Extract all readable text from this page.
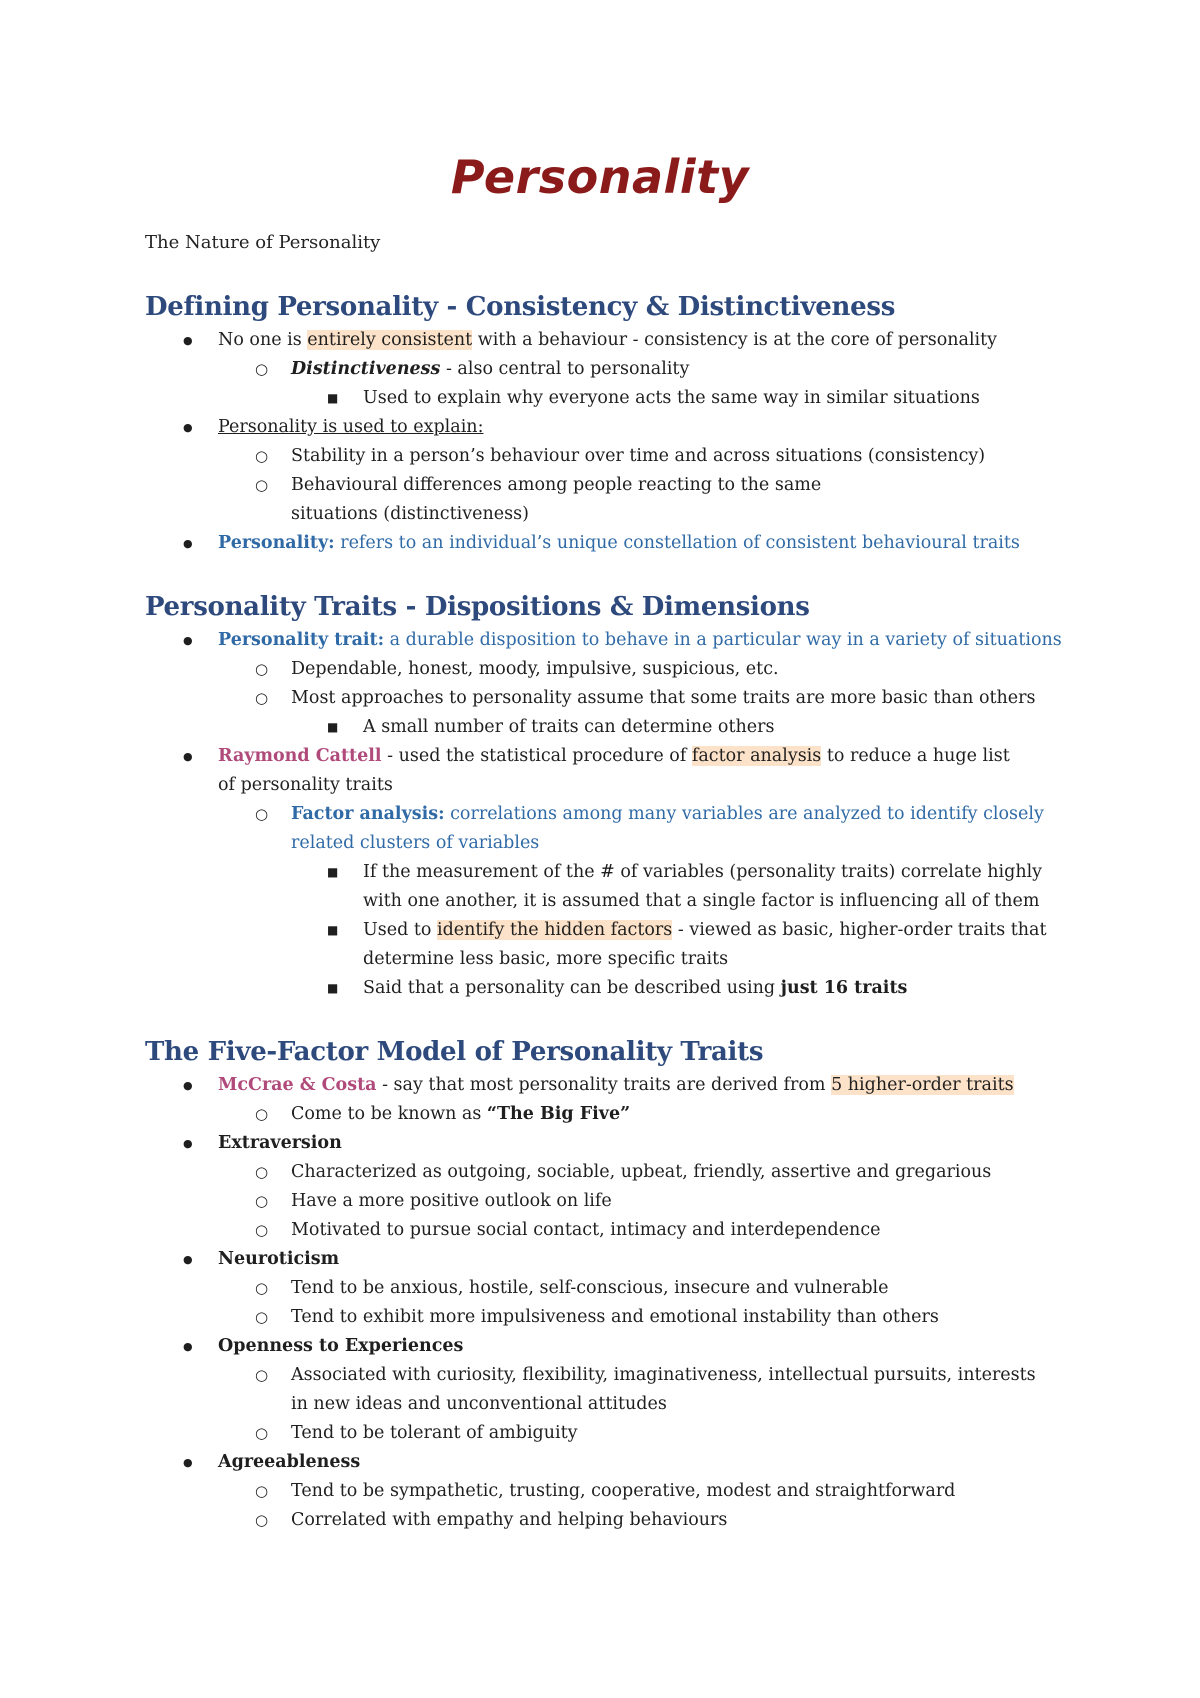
Personality
The Nature of Personality
Defining Personality - Consistency & Distinctiveness
● No one is entirely consistent with a behaviour - consistency is at the core of personality
○ Distinctiveness - also central to personality
■ Used to explain why everyone acts the same way in similar situations
● Personality is used to explain:
○ Stability in a person’s behaviour over time and across situations (consistency)
○ Behavioural differences among people reacting to the same situations (distinctiveness)
● Personality: refers to an individual’s unique constellation of consistent behavioural traits
Personality Traits - Dispositions & Dimensions
● Personality trait: a durable disposition to behave in a particular way in a variety of situations
○ Dependable, honest, moody, impulsive, suspicious, etc.
○ Most approaches to personality assume that some traits are more basic than others
■ A small number of traits can determine others
● Raymond Cattell - used the statistical procedure of factor analysis to reduce a huge list of personality traits
○ Factor analysis: correlations among many variables are analyzed to identify closely related clusters of variables
■ If the measurement of the # of variables (personality traits) correlate highly with one another, it is assumed that a single factor is influencing all of them
■ Used to identify the hidden factors - viewed as basic, higher-order traits that determine less basic, more specific traits
■ Said that a personality can be described using just 16 traits
The Five-Factor Model of Personality Traits
● McCrae & Costa - say that most personality traits are derived from 5 higher-order traits
○ Come to be known as “The Big Five”
● Extraversion
○ Characterized as outgoing, sociable, upbeat, friendly, assertive and gregarious
○ Have a more positive outlook on life
○ Motivated to pursue social contact, intimacy and interdependence
● Neuroticism
○ Tend to be anxious, hostile, self-conscious, insecure and vulnerable
○ Tend to exhibit more impulsiveness and emotional instability than others
● Openness to Experiences
○ Associated with curiosity, flexibility, imaginativeness, intellectual pursuits, interests in new ideas and unconventional attitudes
○ Tend to be tolerant of ambiguity
● Agreeableness
○ Tend to be sympathetic, trusting, cooperative, modest and straightforward
○ Correlated with empathy and helping behaviours
